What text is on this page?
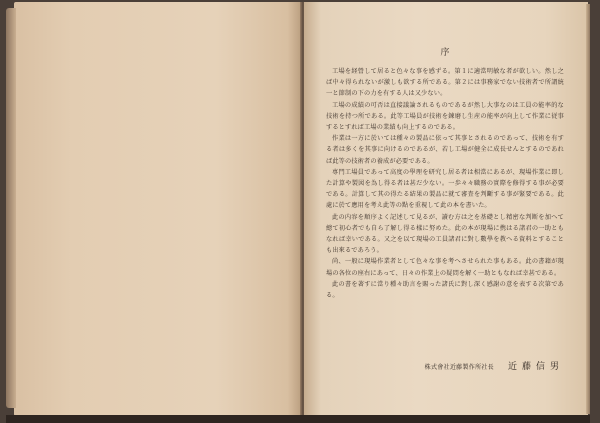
序

工場を経營して居ると色々な事を感ずる。第１に適當明敏な者が欲しい。然し之ば中々得られないが激しも欲する所である。第２には事務家でない技術者で所謂統一と節制の下の力を有する人は又少ない。

工場の成績の可否は直接議論されるものであるが然し大事なのは工員の能率的な技術を持つ所である。此等工場員が技術を錬磨し生産の能率が向上して作業に従事するとすれば工場の業績も向上するのである。

作業は一方に於いては種々の製品に依って其事とされるのであって、技術を有する者は多くを其事に向けるのであるが、若し工場が健全に成長せんとするのであれば此等の技術者の養成が必要である。

専門工場員であって高度の學理を研究し居る者は相當にあるが、現場作業に即した計算や製図を為し得る者は甚だ少ない。一歩々々職務の實際を修得する事が必要である。計算して其の得たる結果の製品に就て審査を判斷する事が緊要である。此處に於て應用を考え此等の點を重視して此の本を書いた。

此の内容を順序よく記述して見るが、讀む方は之を基礎とし精密な判断を加へて總て初心者でも自ら了解し得る樣に努めた。此の本が現場に携はる諸君の一助ともなれば幸いである。又之を以て現場の工員諸君に對し數學を教へる資料とすることも出來るであろう。

尚、一般に現場作業者として色々な事を考へさせられた事もある。此の書籍が現場の各位の座右にあって、日々の作業上の疑問を解く一助ともなれば幸甚である。

此の書を著すに當り種々助言を賜った諸氏に對し深く感謝の意を表する次第である。

株式會社近藤製作所社長 近藤信男
